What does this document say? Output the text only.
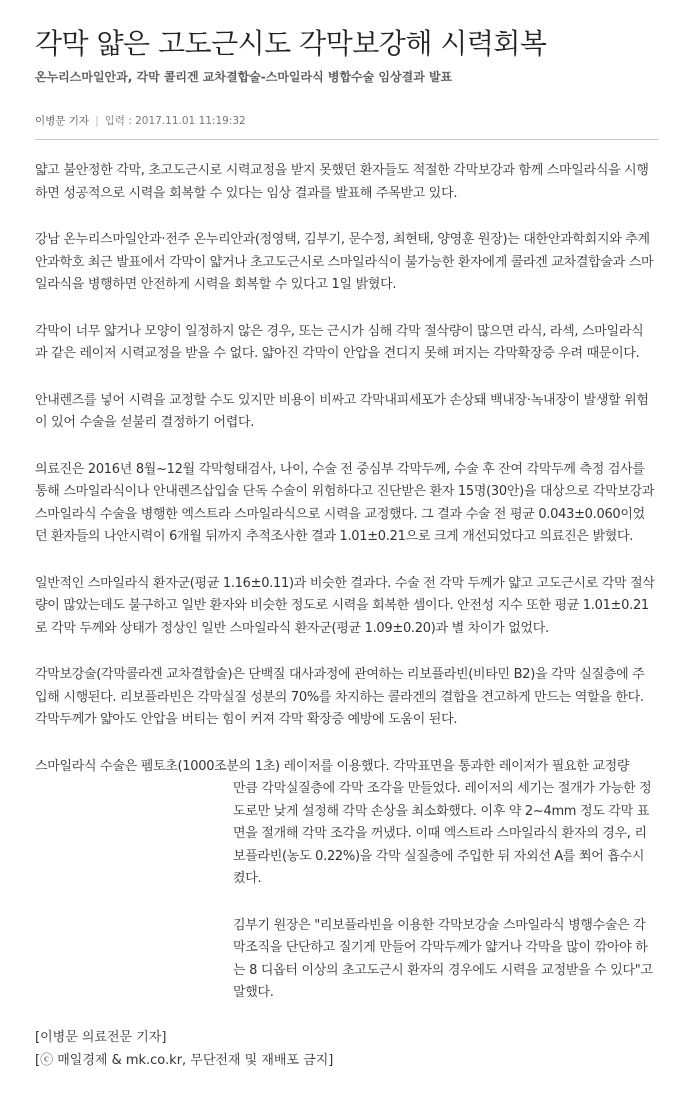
각막 얇은 고도근시도 각막보강해 시력회복
온누리스마일안과, 각막 콜리겐 교차결합술-스마일라식 병합수술 임상결과 발표
이병문 기자 | 입력 : 2017.11.01 11:19:32

얇고 불안정한 각막, 초고도근시로 시력교정을 받지 못했던 환자들도 적절한 각막보강과 함께 스마일라식을 시행하면 성공적으로 시력을 회복할 수 있다는 임상 결과를 발표해 주목받고 있다.

강남 온누리스마일안과·전주 온누리안과(정영택, 김부기, 문수정, 최현태, 양영훈 원장)는 대한안과학회지와 추계안과학호 최근 발표에서 각막이 얇거나 초고도근시로 스마일라식이 불가능한 환자에게 콜라겐 교차결합술과 스마일라식을 병행하면 안전하게 시력을 회복할 수 있다고 1일 밝혔다.

각막이 너무 얇거나 모양이 일정하지 않은 경우, 또는 근시가 심해 각막 절삭량이 많으면 라식, 라섹, 스마일라식과 같은 레이저 시력교정을 받을 수 없다. 얇아진 각막이 안압을 견디지 못해 퍼지는 각막확장증 우려 때문이다.

안내렌즈를 넣어 시력을 교정할 수도 있지만 비용이 비싸고 각막내피세포가 손상돼 백내장·녹내장이 발생할 위험이 있어 수술을 섣불리 결정하기 어렵다.

의료진은 2016년 8월~12월 각막형태검사, 나이, 수술 전 중심부 각막두께, 수술 후 잔여 각막두께 측정 검사를 통해 스마일라식이나 안내렌즈삽입술 단독 수술이 위험하다고 진단받은 환자 15명(30안)을 대상으로 각막보강과 스마일라식 수술을 병행한 엑스트라 스마일라식으로 시력을 교정했다. 그 결과 수술 전 평균 0.043±0.060이었던 환자들의 나안시력이 6개월 뒤까지 추적조사한 결과 1.01±0.21으로 크게 개선되었다고 의료진은 밝혔다.

일반적인 스마일라식 환자군(평균 1.16±0.11)과 비슷한 결과다. 수술 전 각막 두께가 얇고 고도근시로 각막 절삭량이 많았는데도 불구하고 일반 환자와 비슷한 정도로 시력을 회복한 셈이다. 안전성 지수 또한 평균 1.01±0.21로 각막 두께와 상태가 정상인 일반 스마일라식 환자군(평균 1.09±0.20)과 별 차이가 없었다.

각막보강술(각막콜라겐 교차결합술)은 단백질 대사과정에 관여하는 리보플라빈(비타민 B2)을 각막 실질층에 주입해 시행된다. 리보플라빈은 각막실질 성분의 70%를 차지하는 콜라겐의 결합을 견고하게 만드는 역할을 한다. 각막두께가 얇아도 안압을 버티는 힘이 커져 각막 확장증 예방에 도움이 된다.

스마일라식 수술은 펨토초(1000조분의 1초) 레이저를 이용했다. 각막표면을 통과한 레이저가 필요한 교정량
만큼 각막실질층에 각막 조각을 만들었다. 레이저의 세기는 절개가 가능한 정도로만 낮게 설정해 각막 손상을 최소화했다. 이후 약 2~4mm 정도 각막 표면을 절개해 각막 조각을 꺼냈다. 이때 엑스트라 스마일라식 환자의 경우, 리보플라빈(농도 0.22%)을 각막 실질층에 주입한 뒤 자외선 A를 쬐어 흡수시켰다.

김부기 원장은 "리보플라빈을 이용한 각막보강술 스마일라식 병행수술은 각막조직을 단단하고 질기게 만들어 각막두께가 얇거나 각막을 많이 깎아야 하는 8 디옵터 이상의 초고도근시 환자의 경우에도 시력을 교정받을 수 있다"고 말했다.

[이병문 의료전문 기자]
[ⓒ 매일경제 & mk.co.kr, 무단전재 및 재배포 금지]
